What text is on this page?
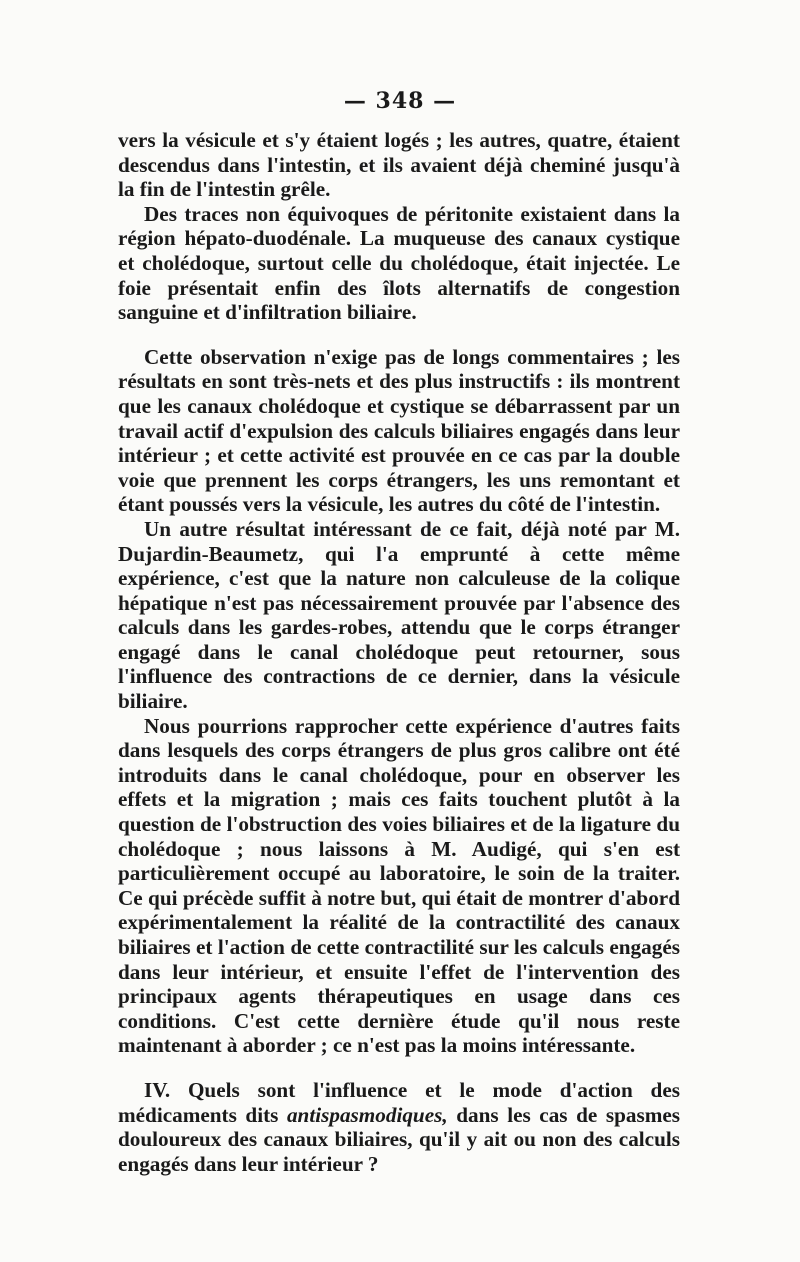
— 348 —

vers la vésicule et s'y étaient logés ; les autres, quatre, étaient descendus dans l'intestin, et ils avaient déjà cheminé jusqu'à la fin de l'intestin grêle.

Des traces non équivoques de péritonite existaient dans la région hépato-duodénale. La muqueuse des canaux cystique et cholédoque, surtout celle du cholédoque, était injectée. Le foie présentait enfin des îlots alternatifs de congestion sanguine et d'infiltration biliaire.

Cette observation n'exige pas de longs commentaires ; les résultats en sont très-nets et des plus instructifs : ils montrent que les canaux cholédoque et cystique se débarrassent par un travail actif d'expulsion des calculs biliaires engagés dans leur intérieur ; et cette activité est prouvée en ce cas par la double voie que prennent les corps étrangers, les uns remontant et étant poussés vers la vésicule, les autres du côté de l'intestin.

Un autre résultat intéressant de ce fait, déjà noté par M. Dujardin-Beaumetz, qui l'a emprunté à cette même expérience, c'est que la nature non calculeuse de la colique hépatique n'est pas nécessairement prouvée par l'absence des calculs dans les gardes-robes, attendu que le corps étranger engagé dans le canal cholédoque peut retourner, sous l'influence des contractions de ce dernier, dans la vésicule biliaire.

Nous pourrions rapprocher cette expérience d'autres faits dans lesquels des corps étrangers de plus gros calibre ont été introduits dans le canal cholédoque, pour en observer les effets et la migration ; mais ces faits touchent plutôt à la question de l'obstruction des voies biliaires et de la ligature du cholédoque ; nous laissons à M. Audigé, qui s'en est particulièrement occupé au laboratoire, le soin de la traiter. Ce qui précède suffit à notre but, qui était de montrer d'abord expérimentalement la réalité de la contractilité des canaux biliaires et l'action de cette contractilité sur les calculs engagés dans leur intérieur, et ensuite l'effet de l'intervention des principaux agents thérapeutiques en usage dans ces conditions. C'est cette dernière étude qu'il nous reste maintenant à aborder ; ce n'est pas la moins intéressante.

IV. Quels sont l'influence et le mode d'action des médicaments dits antispasmodiques, dans les cas de spasmes douloureux des canaux biliaires, qu'il y ait ou non des calculs engagés dans leur intérieur ?
